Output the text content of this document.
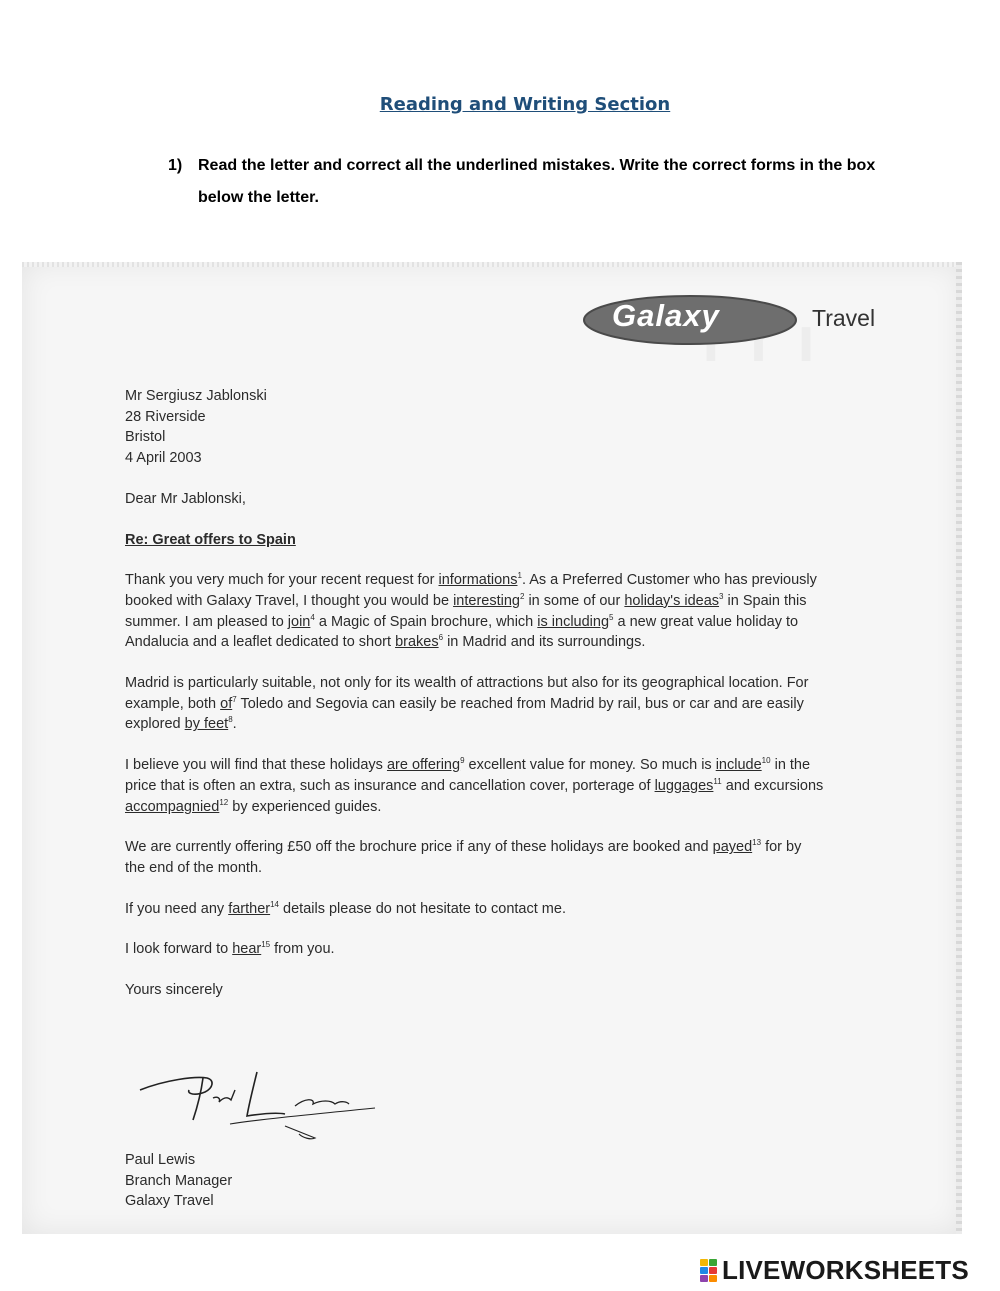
Reading and Writing Section
1) Read the letter and correct all the underlined mistakes. Write the correct forms in the box below the letter.
Galaxy	Travel

Mr Sergiusz Jablonski
28 Riverside
Bristol
4 April 2003

Dear Mr Jablonski,

Re: Great offers to Spain

Thank you very much for your recent request for informations$^1$. As a Preferred Customer who has previously booked with Galaxy Travel, I thought you would be interesting$^2$ in some of our holiday's ideas$^3$ in Spain this summer. I am pleased to join$^4$ a Magic of Spain brochure, which is including$^5$ a new great value holiday to Andalucia and a leaflet dedicated to short brakes$^6$ in Madrid and its surroundings.

Madrid is particularly suitable, not only for its wealth of attractions but also for its geographical location. For example, both $of^7$ Toledo and Segovia can easily be reached from Madrid by rail, bus or car and are easily explored by feet$^8$.

I believe you will find that these holidays are offering$^9$ excellent value for money. So much is include$^{10}$ in the price that is often an extra, such as insurance and cancellation cover, porterage of luggages$^{11}$ and excursions accompagnied$^{12}$ by experienced guides.

We are currently offering £50 off the brochure price if any of these holidays are booked and payed$^{13}$ for by the end of the month.

If you need any farther$^{14}$ details please do not hesitate to contact me.

I look forward to hear$^{15}$ from you.

Yours sincerely

Paul Lewis
Branch Manager
Galaxy Travel
LIVEWORKSHEETS
